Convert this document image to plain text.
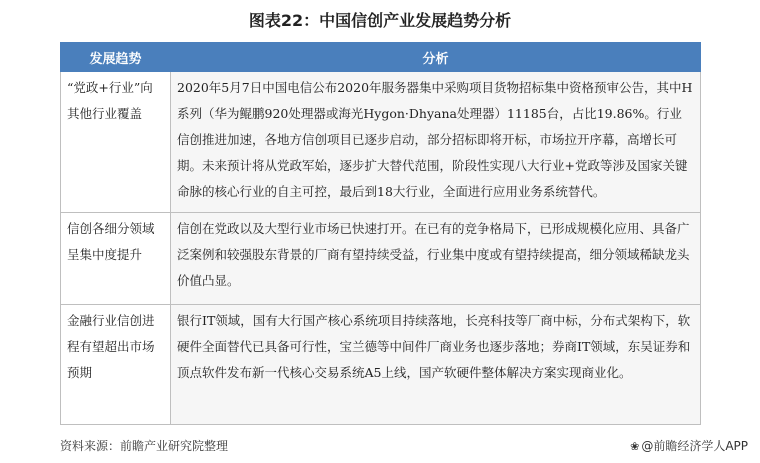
图表22：中国信创产业发展趋势分析
发展趋势	分析
“党政+行业”向其他行业覆盖	2020年5月7日中国电信公布2020年服务器集中采购项目货物招标集中资格预审公告，其中H系列（华为鲲鹏920处理器或海光Hygon·Dhyana处理器）11185台，占比19.86%。行业信创推进加速，各地方信创项目已逐步启动，部分招标即将开标，市场拉开序幕，高增长可期。未来预计将从党政军始，逐步扩大替代范围，阶段性实现八大行业+党政等涉及国家关键命脉的核心行业的自主可控，最后到18大行业，全面进行应用业务系统替代。
信创各细分领域呈集中度提升	信创在党政以及大型行业市场已快速打开。在已有的竞争格局下，已形成规模化应用、具备广泛案例和较强股东背景的厂商有望持续受益，行业集中度或有望持续提高，细分领域稀缺龙头价值凸显。
金融行业信创进程有望超出市场预期	银行IT领域，国有大行国产核心系统项目持续落地，长亮科技等厂商中标，分布式架构下，软硬件全面替代已具备可行性，宝兰德等中间件厂商业务也逐步落地；券商IT领域，东吴证券和顶点软件发布新一代核心交易系统A5上线，国产软硬件整体解决方案实现商业化。
资料来源：前瞻产业研究院整理	❀ @前瞻经济学人APP
